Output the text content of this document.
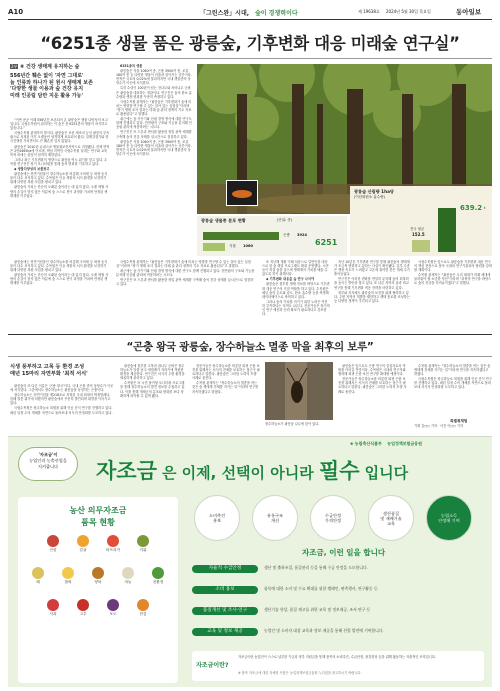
A10	「그린스완」시대, 숲이 경쟁력이다	제 19638호 2024년 5월 30일 목요일	동아일보
“6251종 생물 품은 광릉숲, 기후변화 대응 미래숲 연구실”
2부 ⑧ 건강 생태계 유지하는 숲
556년간 훼손 없이 '자연 그대로'
늘 인류와 하나가 된 원시 생태계 보존
'다양한 생물 이용과 숲 건강 유지
미래 인공림 담만 지운 활용 가능'

“이번 준공 이래 556년간 보존되어 온 광릉숲은 생물 다양성의 보고입니다. 국립수목원이 관리하는 이 숲은 총 6251종의 생물이 서식하고 있습니다.”

국립수목원 관계자의 말이다. 광릉숲은 조선 세조의 능인 광릉의 부속림으로 지정된 이후 오랫동안 엄격하게 보호되어 왔다. 일제강점기와 한국전쟁을 거치면서도 큰 훼손을 입지 않았다.

광릉숲은 2010년 유네스코 생물권보전지역으로 지정됐다. 전체 면적은 2만4465ha에 이르며, 핵심 지역인 국립수목원 일대는 연구와 교육 목적 외에는 출입이 엄격히 제한된다.

그러나 최근 기후변화의 영향으로 광릉숲 역시 위기를 맞고 있다. 수목원 연구진은 장기 모니터링을 통해 숲의 변화를 기록하고 있다.

◆ 생물다양성의 보물창고

광릉숲에는 천연기념물인 장수하늘소를 비롯해 크낙새 등 희귀 동식물이 다수 서식하고 있다. 수목원은 이들 생물의 서식 환경을 보전하기 위해 다양한 복원 사업을 펼치고 있다.

광릉숲의 가치는 단순히 오래된 숲이라는 데 있지 않다. 오랜 세월 사람의 손길이 닿지 않은 덕분에 숲 스스로 천이 과정을 거치며 안정된 생태계를 이루었다.

6251종의 생물

광릉숲은 식물 1060여 종, 곤충 3900여 종, 조류 180여 종 등 다양한 생물이 어울려 살아가는 공간이다. 면적은 국토의 0.02%에 불과하지만 국내 생물종의 상당수가 이곳에 서식한다.

특히 수령이 100년이 넘는 전나무와 서어나무 군락은 광릉숲을 대표하는 경관이다. 연구진은 숲의 탄소 흡수량과 생장 변화를 꾸준히 측정하고 있다.

국립수목원 관계자는 “광릉숲은 기후변화가 숲에 미치는 영향을 연구할 수 있는 살아 있는 실험실”이라며 “장기 생태 조사 결과는 미래 숲 관리 정책의 기초 자료로 활용된다”고 말했다.

최근에는 숲 가꾸기와 산림 경영 방식에 대한 연구도 함께 진행되고 있다. 천연림의 구조와 기능을 분석해 인공림 관리에 적용하려는 시도다.

연구진은 또 드론과 센서를 활용한 정밀 관측 체계를 구축해 숲의 건강 상태를 실시간으로 점검하고 있다.

광릉숲은 식물 1060여 종, 곤충 3900여 종, 조류 180여 종 등 다양한 생물이 어울려 살아가는 공간이다. 면적은 국토의 0.02%에 불과하지만 국내 생물종의 상당수가 이곳에 서식한다.

광릉숲 생물종 분포 현황	(단위: 종)
곤충 3924
식물 1060	6251
광릉숲 산림량 1ha당
(이산화탄소 흡수량)
639.2 t
전국 평균
152.5

또 지난해 개원 이래 처음으로 일반인을 대상으로 한 숲 해설 프로그램도 확대 운영했다. 시민들이 직접 숲을 걸으며 생태계의 가치를 배울 수 있도록 하기 위해서다.

◆ 기후변화 대응을 숲 연구 나서야

광릉숲은 풍부한 생태 자료를 바탕으로 기후변화 대응 연구의 거점 역할을 하고 있다. 수목원은 매년 숲의 온도와 습도, 탄소 흡수량 등을 측정해 데이터베이스로 축적하고 있다.

그러나 숲의 가치를 지키기 위한 노력은 여전히 부족하다는 지적도 나온다. 전문가들은 장기적인 연구 예산과 인력 확보가 필요하다고 강조한다.

지난 10년간 기후변화 연구를 통해 광릉숲의 생태계가 조금씩 변화하고 있다는 사실이 확인됐다. 일부 수종은 생장 속도가 느려졌고 고온에 취약한 종은 개체 수가 줄어들었다.

연구진은 이러한 변화를 면밀히 분석해 숲의 회복력을 높이는 방안을 찾고 있다. 또 다른 지역의 숲과 비교 연구를 통해 기후변화 적응 전략을 마련하고 있다.

정부와 지자체도 광릉숲의 보전을 위해 협력하고 있다. 주변 지역의 개발을 제한하고 생태 통로를 조성하는 등 다양한 정책이 추진되고 있다.

국립수목원은 앞으로도 광릉숲을 기후변화 대응 연구의 핵심 현장으로 삼아 국내외 연구기관과의 협력을 강화할 계획이다.

수목원 관계자는 “광릉숲은 우리 세대가 미래 세대에 물려줘야 할 소중한 자산”이라며 “과학적 연구를 바탕으로 숲의 건강을 지켜나가겠다”고 말했다.

국립수목원 관계자는 “광릉숲은 기후변화가 숲에 미치는 영향을 연구할 수 있는 살아 있는 실험실”이라며 “장기 생태 조사 결과는 미래 숲 관리 정책의 기초 자료로 활용된다”고 말했다.

최근에는 숲 가꾸기와 산림 경영 방식에 대한 연구도 함께 진행되고 있다. 천연림의 구조와 기능을 분석해 인공림 관리에 적용하려는 시도다.

연구진은 또 드론과 센서를 활용한 정밀 관측 체계를 구축해 숲의 건강 상태를 실시간으로 점검하고 있다.

광릉숲에는 천연기념물인 장수하늘소를 비롯해 크낙새 등 희귀 동식물이 다수 서식하고 있다. 수목원은 이들 생물의 서식 환경을 보전하기 위해 다양한 복원 사업을 펼치고 있다.

광릉숲의 가치는 단순히 오래된 숲이라는 데 있지 않다. 오랜 세월 사람의 손길이 닿지 않은 덕분에 숲 스스로 천이 과정을 거치며 안정된 생태계를 이루었다.

“곤충 왕국 광릉숲, 장수하늘소 멸종 막을 최후의 보루”
식생 풍부하고 고목 등 환경 조성
매년 15마리 자연부화 '최적 서식'

광릉숲의 또 다른 이름은 '곤충 왕국'이다. 국내 곤충 종의 상당수가 이곳에 서식한다. 그중에서도 장수하늘소는 광릉숲을 상징하는 곤충이다.

장수하늘소는 천연기념물 제218호로 지정된 국내 최대의 딱정벌레다. 한때 멸종 위기에 처했지만 광릉숲에서 꾸준히 발견되며 희망을 이어가고 있다.

국립수목원은 장수하늘소 복원을 위해 인공 증식 연구를 진행하고 있다. 매년 일정 수의 개체를 자연으로 돌려보내 서식지 안정화를 도모하고 있다.

광릉숲에 풍부한 고목과 참나무 군락은 장수하늘소가 알을 낳고 애벌레가 자라기에 적합한 환경을 제공한다. 연구진은 서식지 주변 환경을 세심하게 관리하고 있다.

수목원은 또 시민 참여형 모니터링 프로그램을 통해 장수하늘소의 발견 정보를 수집하고 있다. 이를 통해 개체군의 분포와 변화를 보다 정확하게 파악할 수 있게 됐다.

전문가들은 장수하늘소를 비롯한 희귀 곤충 보전을 위해서는 서식지 전체를 보호하는 접근이 필요하다고 말한다. 광릉숲은 그러한 노력의 모범 사례로 꼽힌다.

수목원 관계자는 “장수하늘소의 멸종을 막는 것은 숲 생태계 전체를 지키는 일”이라며 연구를 지속하겠다고 밝혔다.

장수하늘소가 광릉숲 나무에 앉아 있다.

광릉숲은 앞으로도 곤충 연구의 중심지로서 역할을 이어갈 전망이다. 수목원은 국내외 연구자와 협력해 희귀 곤충 보전 연구를 확대할 예정이다.

전문가들은 장수하늘소를 비롯한 희귀 곤충 보전을 위해서는 서식지 전체를 보호하는 접근이 필요하다고 말한다. 광릉숲은 그러한 노력의 모범 사례로 꼽힌다.

수목원 관계자는 “장수하늘소의 멸종을 막는 것은 숲 생태계 전체를 지키는 일”이라며 연구를 지속하겠다고 밝혔다.

국립수목원은 장수하늘소 복원을 위해 인공 증식 연구를 진행하고 있다. 매년 일정 수의 개체를 자연으로 돌려보내 서식지 안정화를 도모하고 있다.

특별취재팀
기획 김○○ 기자 · 사진 이○○ 기자
❀ 농림축산식품부 농업정책보험금융원
'자조금'이
농업인과 농축산업을
지켜줍니다	자조금 은 이제, 선택이 아니라 필수 입니다
농산 의무자조금
품목 현황
인삼	감귤	파프리카	키위
배	참외	양파	마늘	친환경
사과	고추	포도	단감
소비촉진
홍보
유통구조
개선
수급안정
가격안정
생산품질
및 재배기술
교육
농업소득
안정에 기여
자조금, 이런 일을 합니다
자율적 수급안정	생산 및 출하조절, 품질관리 등을 통해 수급 안정을 도모합니다.
소비 홍보	품목에 대한 소비 및 수요 확대를 위한 캠페인, 판촉행사, 연구활동 등
품질개선 및 조사·연구	생산기술 향상, 품질 제고를 위한 교육 및 정보제공, 조사·연구 등
교육 및 정보 제공	농업인 및 소비자 대상 교육과 정보 제공을 통해 산업 발전에 기여합니다.
자조금이란?
자조금이란 농업인이 스스로 납부한 기금과 정부 지원금을 통해 품목의 소비촉진, 수급안정, 품질향상 등을 위해 활동하는 자율적인 조직입니다.
※ 품목 자조금에 대한 자세한 사항은 농업정책보험금융원 누리집을 참고하시기 바랍니다.
